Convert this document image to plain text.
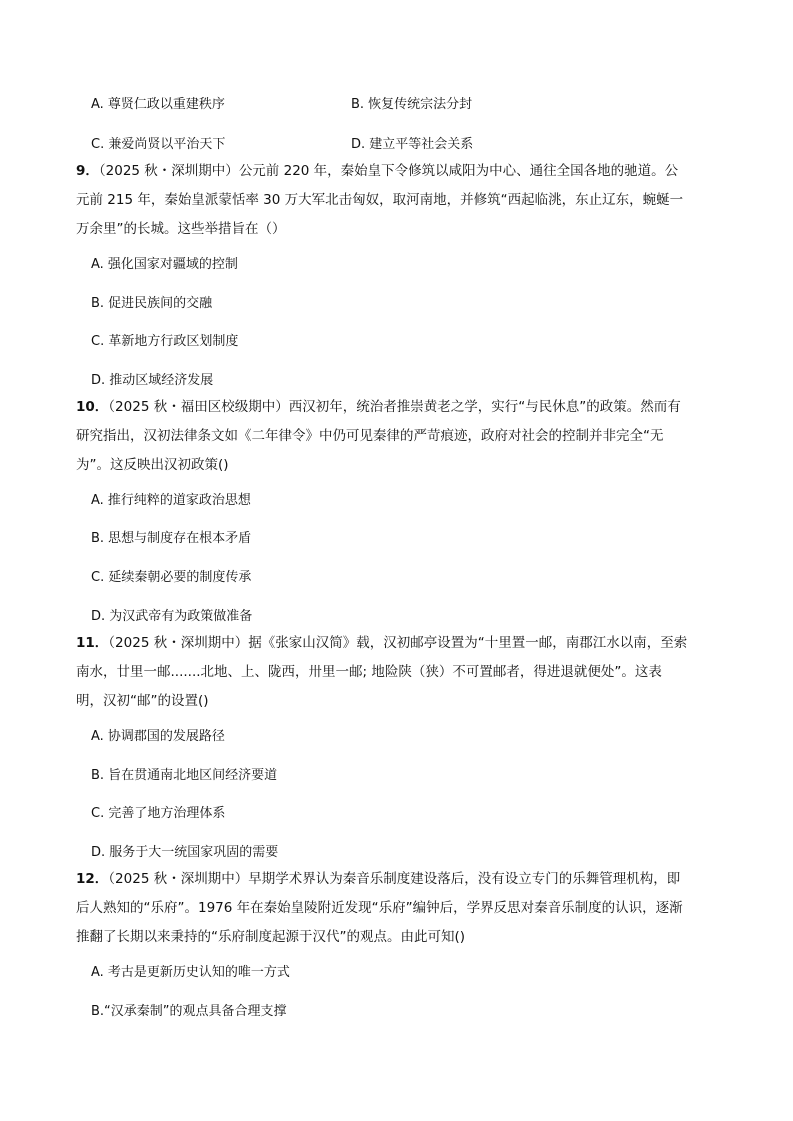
A. 尊贤仁政以重建秩序	B. 恢复传统宗法分封
C. 兼爱尚贤以平治天下	D. 建立平等社会关系
9．（2025 秋・深圳期中）公元前 220 年，秦始皇下令修筑以咸阳为中心、通往全国各地的驰道。公元前 215 年，秦始皇派蒙恬率 30 万大军北击匈奴，取河南地，并修筑“西起临洮，东止辽东，蜿蜒一万余里”的长城。这些举措旨在（）
A. 强化国家对疆域的控制
B. 促进民族间的交融
C. 革新地方行政区划制度
D. 推动区域经济发展
10．（2025 秋・福田区校级期中）西汉初年，统治者推崇黄老之学，实行“与民休息”的政策。然而有研究指出，汉初法律条文如《二年律令》中仍可见秦律的严苛痕迹，政府对社会的控制并非完全“无为”。这反映出汉初政策()
A. 推行纯粹的道家政治思想
B. 思想与制度存在根本矛盾
C. 延续秦朝必要的制度传承
D. 为汉武帝有为政策做准备
11．（2025 秋・深圳期中）据《张家山汉简》载，汉初邮亭设置为“十里置一邮，南郡江水以南，至索南水，廿里一邮.......北地、上、陇西，卅里一邮; 地险陕（狭）不可置邮者，得进退就便处”。这表明，汉初“邮”的设置()
A. 协调郡国的发展路径
B. 旨在贯通南北地区间经济要道
C. 完善了地方治理体系
D. 服务于大一统国家巩固的需要
12．（2025 秋・深圳期中）早期学术界认为秦音乐制度建设落后，没有设立专门的乐舞管理机构，即后人熟知的“乐府”。1976 年在秦始皇陵附近发现“乐府”编钟后，学界反思对秦音乐制度的认识，逐渐推翻了长期以来秉持的“乐府制度起源于汉代”的观点。由此可知()
A. 考古是更新历史认知的唯一方式
B.“汉承秦制”的观点具备合理支撑
